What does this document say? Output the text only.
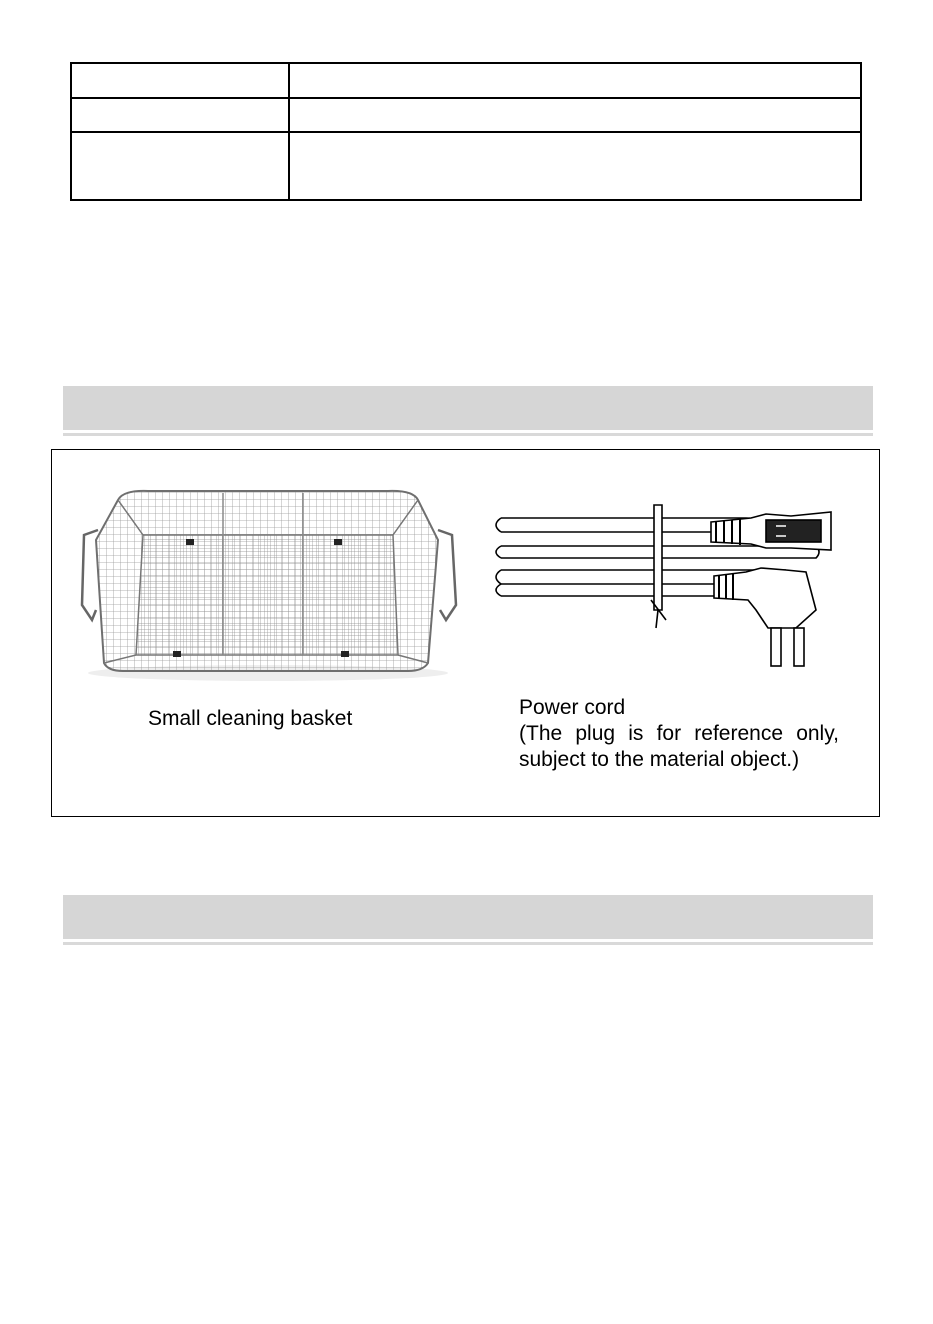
Small cleaning basket	Power cord
(The plug is for reference only,
subject to the material object.)
